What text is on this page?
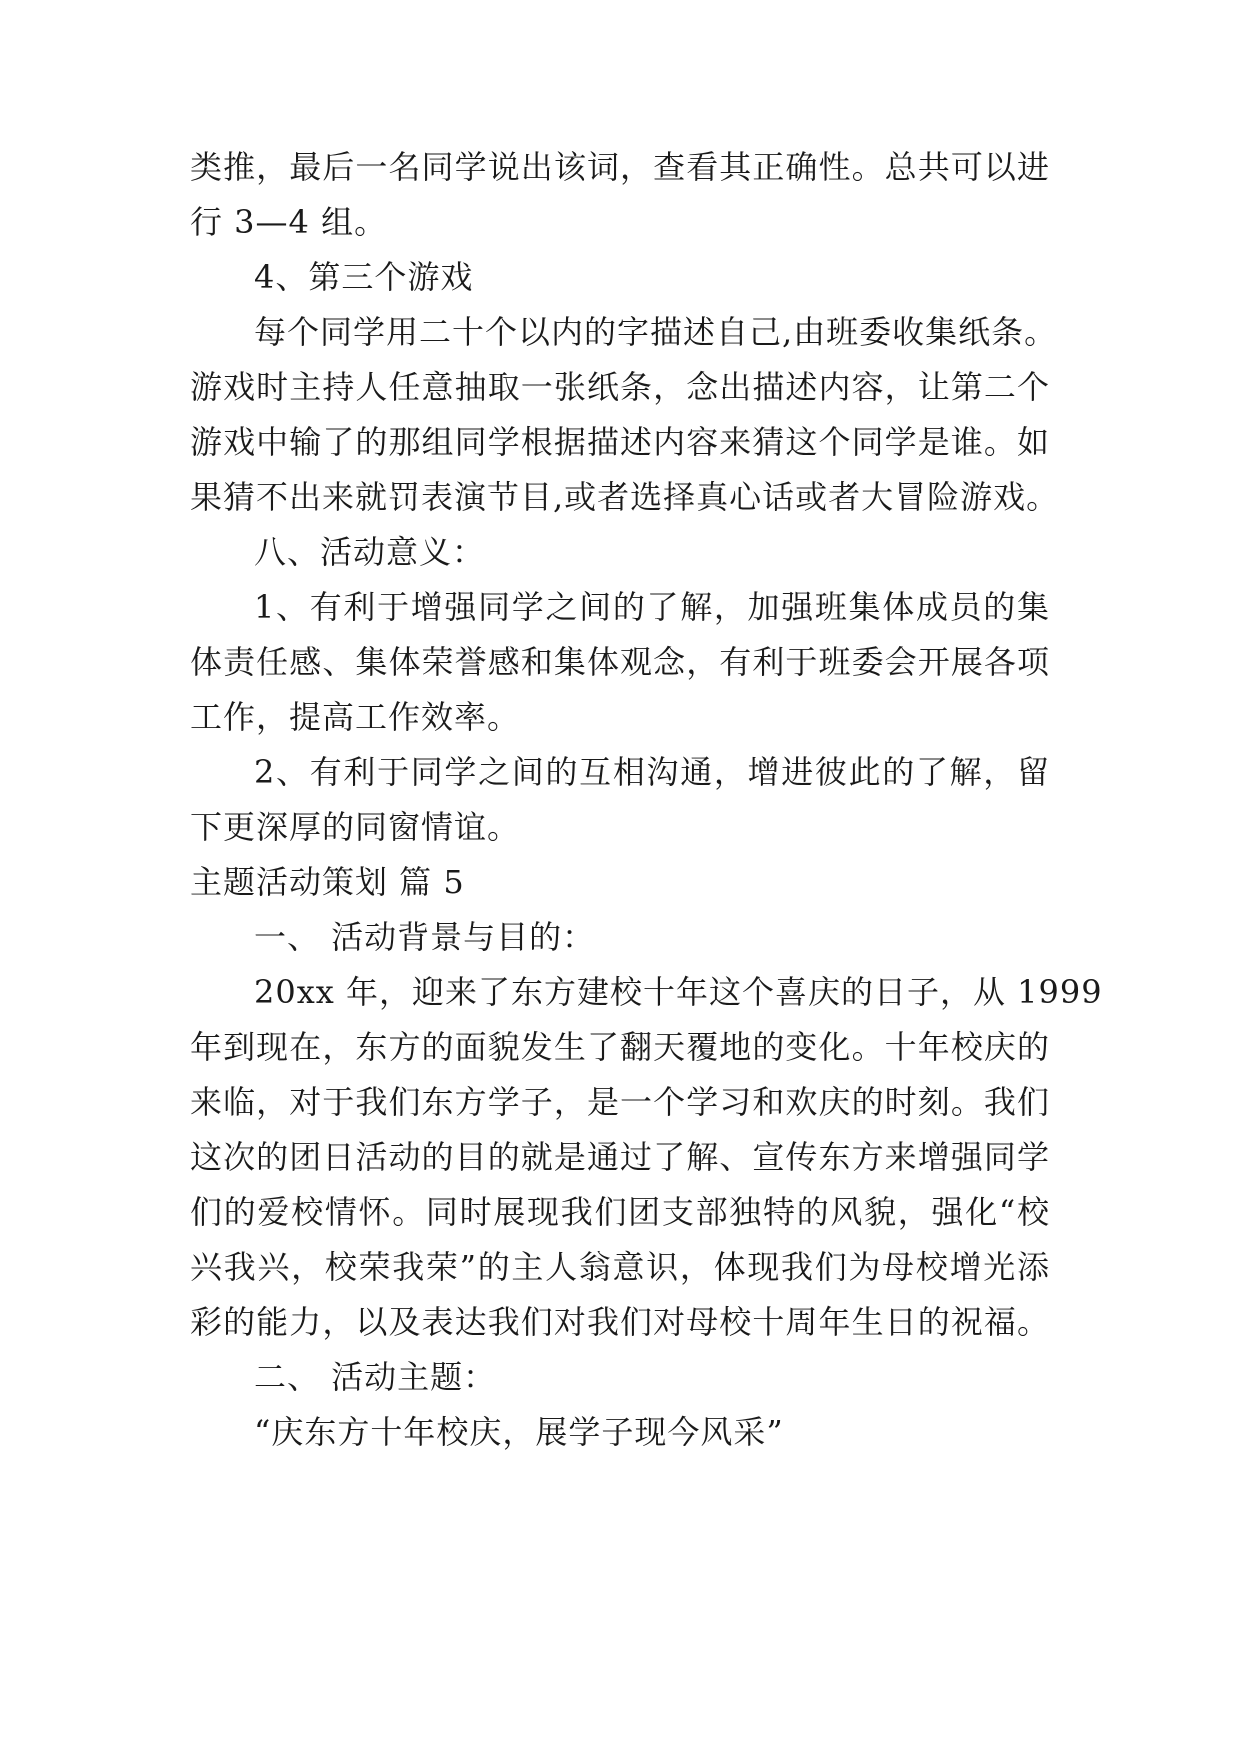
类推，最后一名同学说出该词，查看其正确性。总共可以进
行 3—4 组。
4、第三个游戏
每个同学用二十个以内的字描述自己,由班委收集纸条。
游戏时主持人任意抽取一张纸条，念出描述内容，让第二个
游戏中输了的那组同学根据描述内容来猜这个同学是谁。如
果猜不出来就罚表演节目,或者选择真心话或者大冒险游戏。
八、活动意义：
1、有利于增强同学之间的了解，加强班集体成员的集
体责任感、集体荣誉感和集体观念，有利于班委会开展各项
工作，提高工作效率。
2、有利于同学之间的互相沟通，增进彼此的了解，留
下更深厚的同窗情谊。
主题活动策划 篇 5
一、 活动背景与目的：
20xx 年，迎来了东方建校十年这个喜庆的日子，从 1999
年到现在，东方的面貌发生了翻天覆地的变化。十年校庆的
来临，对于我们东方学子，是一个学习和欢庆的时刻。我们
这次的团日活动的目的就是通过了解、宣传东方来增强同学
们的爱校情怀。同时展现我们团支部独特的风貌，强化“校
兴我兴，校荣我荣”的主人翁意识，体现我们为母校增光添
彩的能力，以及表达我们对我们对母校十周年生日的祝福。
二、 活动主题：
“庆东方十年校庆，展学子现今风采”
